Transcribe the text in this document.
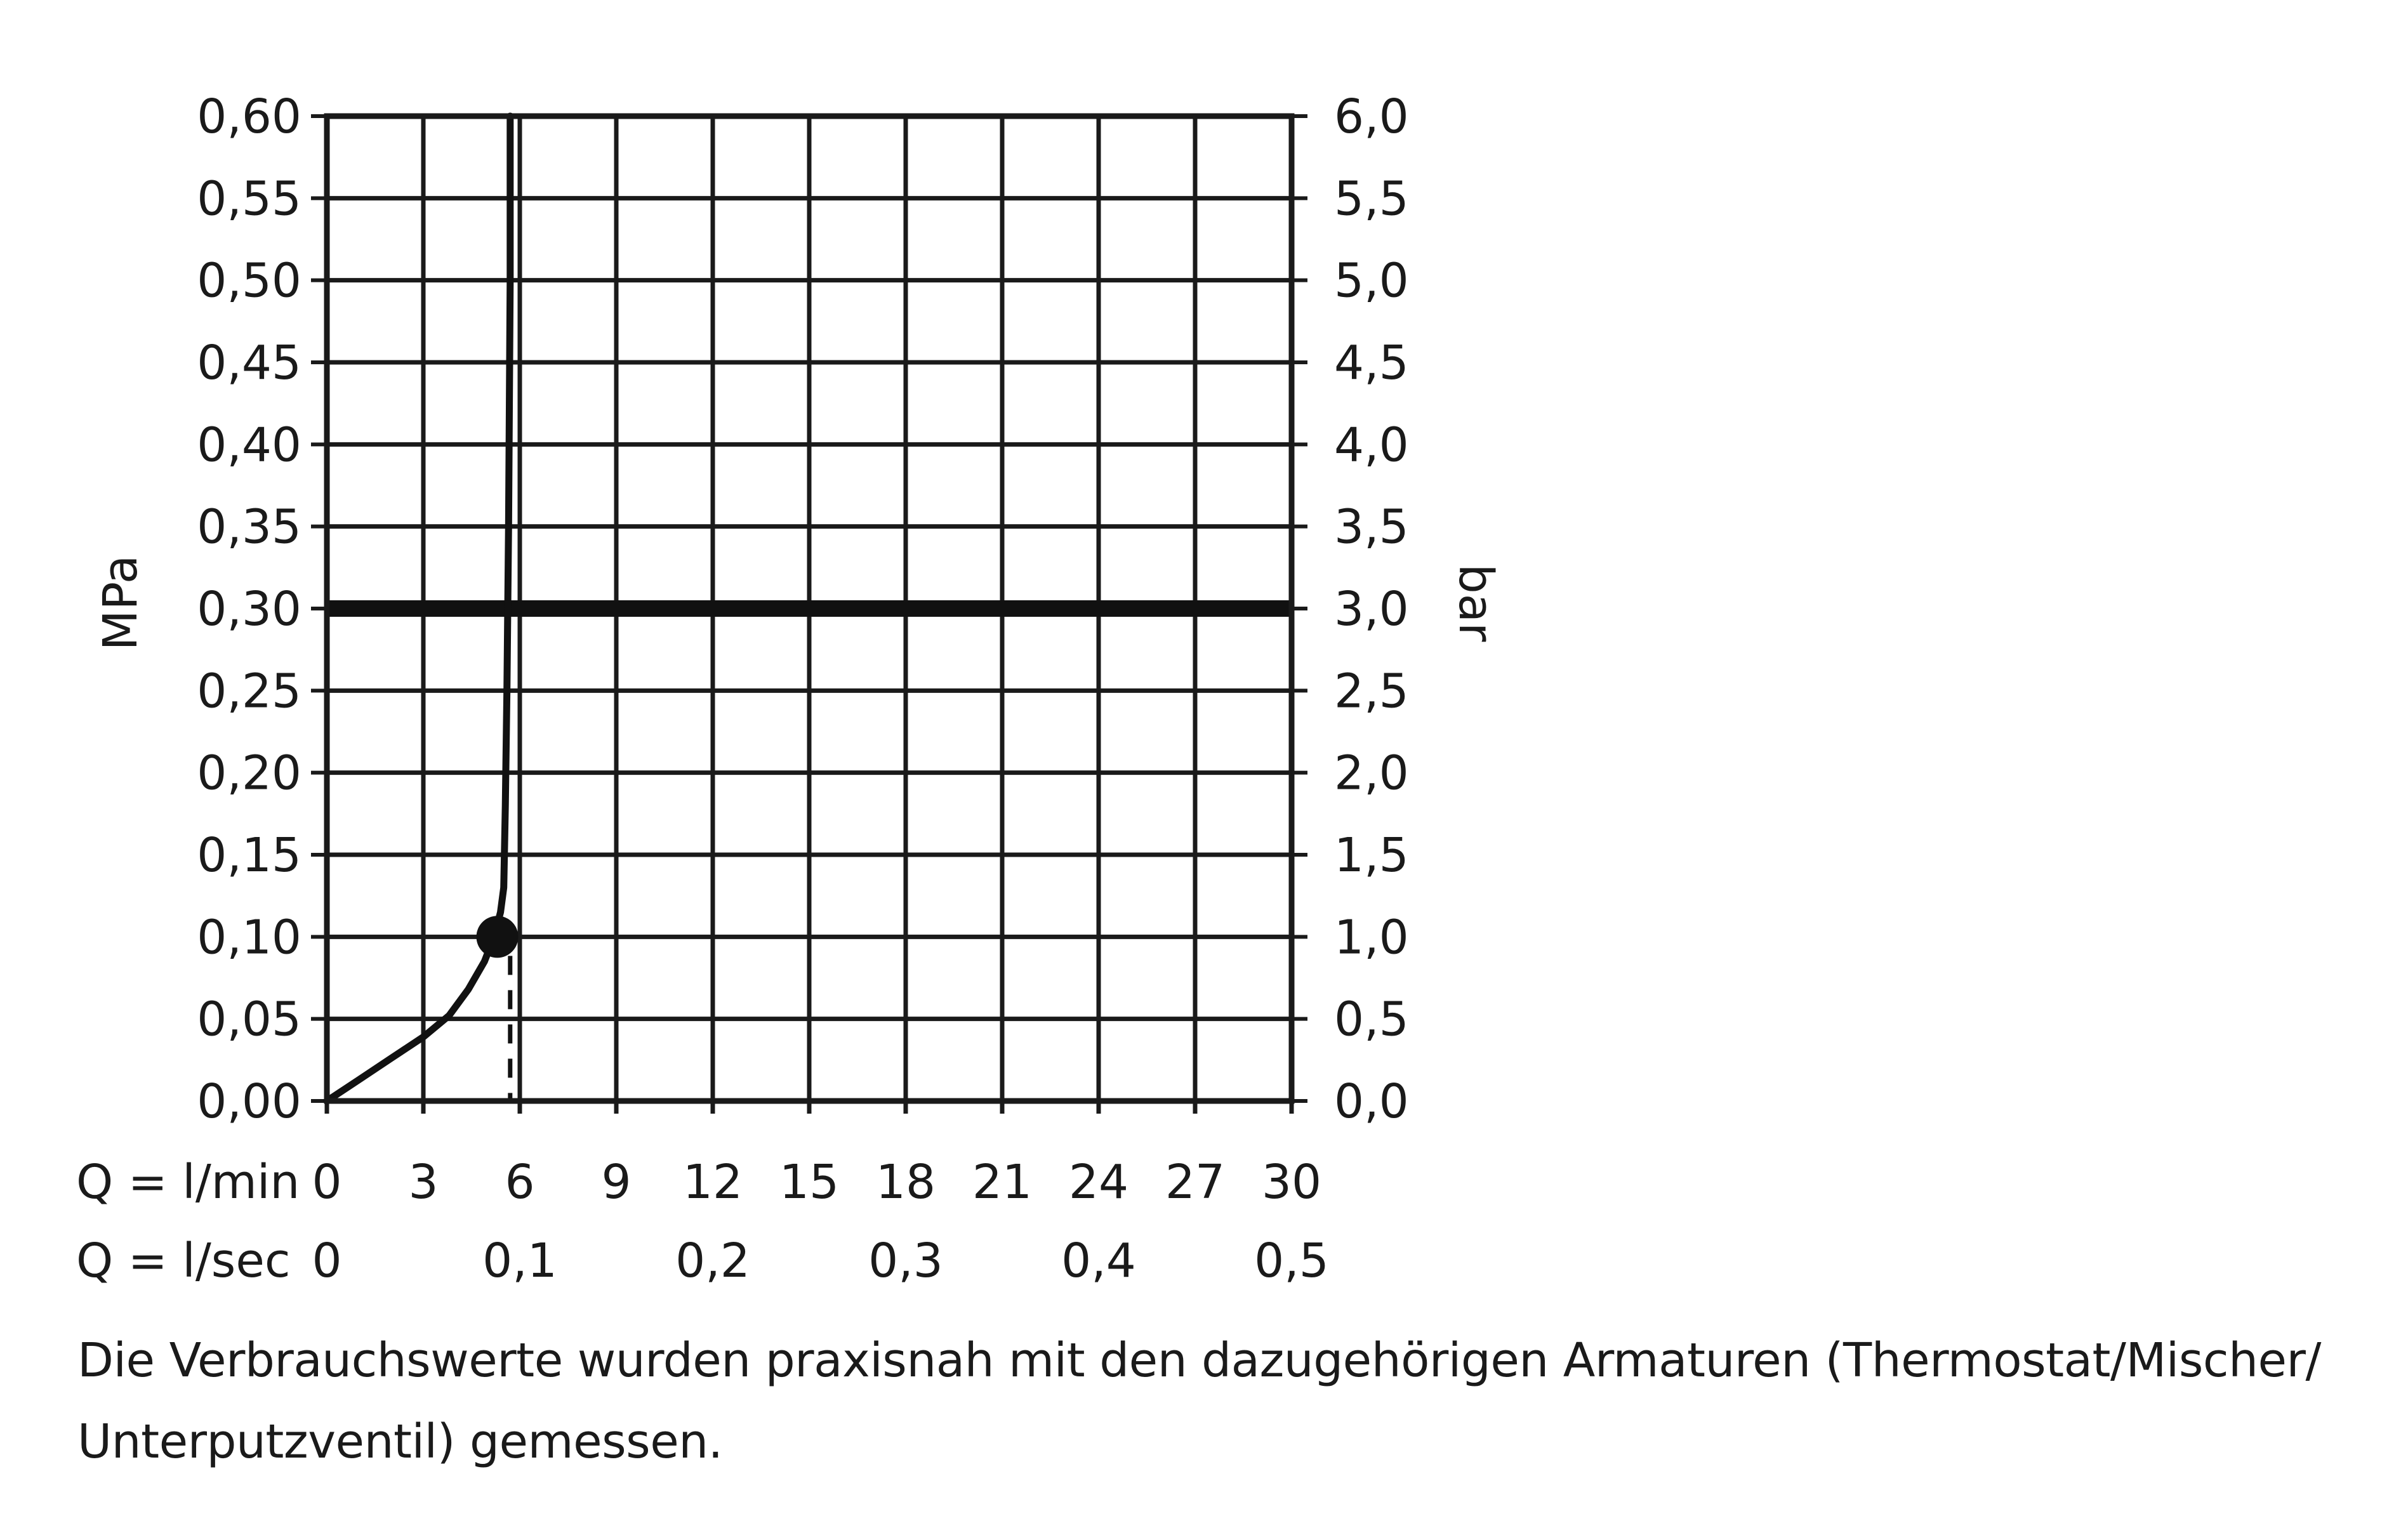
0,00
0,05
0,10
0,15
0,20
0,25
0,30
0,35
0,40
0,45
0,50
0,55
0,60
0,0
0,5
1,0
1,5
2,0
2,5
3,0
3,5
4,0
4,5
5,0
5,5
6,0
0 3 6 9 12 15 18 21 24 27 30
0	0,1	0,2	0,3	0,4	0,5
MPa	bar
Q = l/min
Q = l/sec
Die Verbrauchswerte wurden praxisnah mit den dazugehörigen Armaturen (Thermostat/Mischer/ Unterputzventil) gemessen.
